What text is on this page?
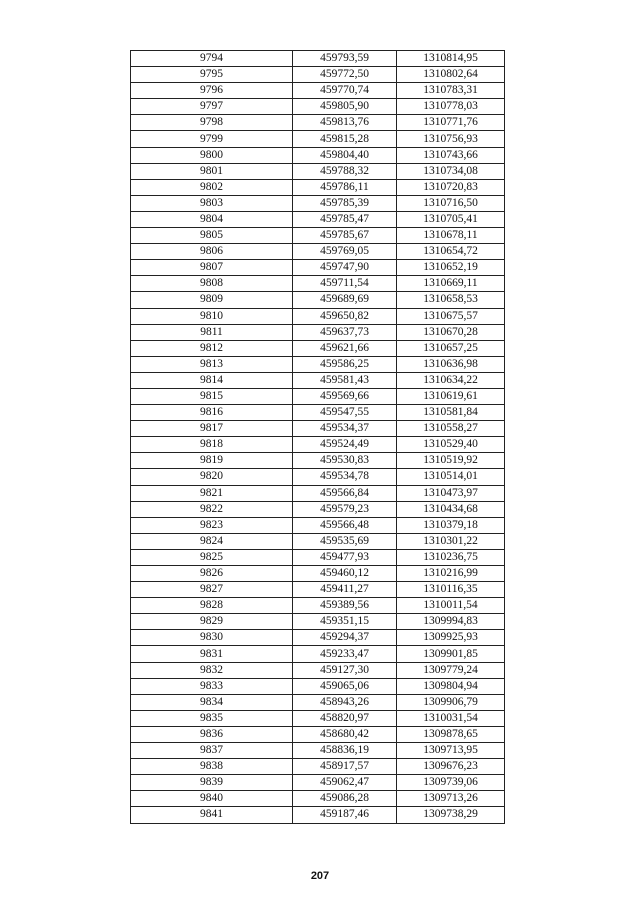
9794	459793,59	1310814,95
9795	459772,50	1310802,64
9796	459770,74	1310783,31
9797	459805,90	1310778,03
9798	459813,76	1310771,76
9799	459815,28	1310756,93
9800	459804,40	1310743,66
9801	459788,32	1310734,08
9802	459786,11	1310720,83
9803	459785,39	1310716,50
9804	459785,47	1310705,41
9805	459785,67	1310678,11
9806	459769,05	1310654,72
9807	459747,90	1310652,19
9808	459711,54	1310669,11
9809	459689,69	1310658,53
9810	459650,82	1310675,57
9811	459637,73	1310670,28
9812	459621,66	1310657,25
9813	459586,25	1310636,98
9814	459581,43	1310634,22
9815	459569,66	1310619,61
9816	459547,55	1310581,84
9817	459534,37	1310558,27
9818	459524,49	1310529,40
9819	459530,83	1310519,92
9820	459534,78	1310514,01
9821	459566,84	1310473,97
9822	459579,23	1310434,68
9823	459566,48	1310379,18
9824	459535,69	1310301,22
9825	459477,93	1310236,75
9826	459460,12	1310216,99
9827	459411,27	1310116,35
9828	459389,56	1310011,54
9829	459351,15	1309994,83
9830	459294,37	1309925,93
9831	459233,47	1309901,85
9832	459127,30	1309779,24
9833	459065,06	1309804,94
9834	458943,26	1309906,79
9835	458820,97	1310031,54
9836	458680,42	1309878,65
9837	458836,19	1309713,95
9838	458917,57	1309676,23
9839	459062,47	1309739,06
9840	459086,28	1309713,26
9841	459187,46	1309738,29
207
